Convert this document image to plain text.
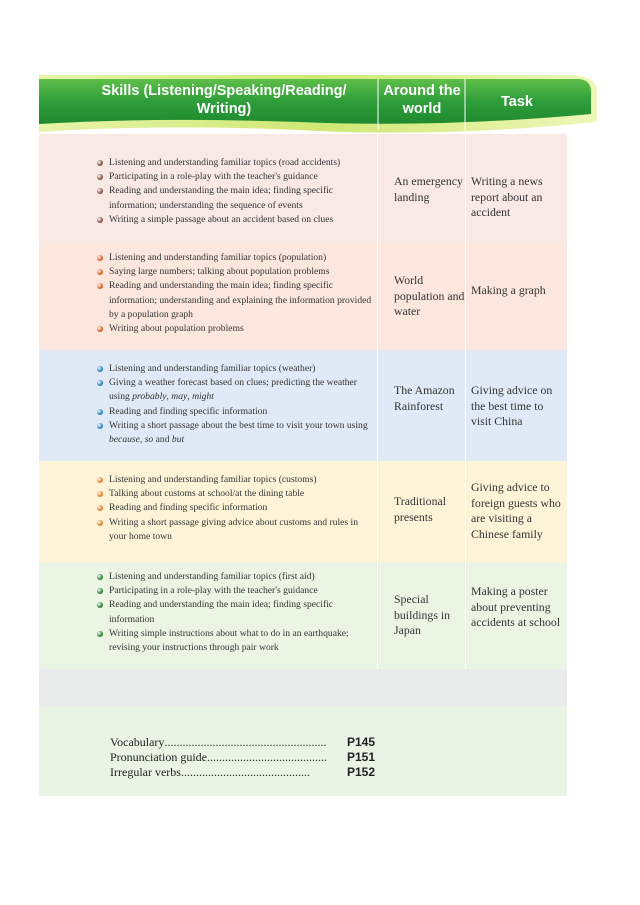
Skills (Listening/Speaking/Reading/
Writing)
Around the
world	Task
Listening and understanding familiar topics (road accidents)
Participating in a role-play with the teacher's guidance
Reading and understanding the main idea; finding specific information; understanding the sequence of events
Writing a simple passage about an accident based on clues
An emergency landing
Writing a news report about an accident
Listening and understanding familiar topics (population)
Saying large numbers; talking about population problems
Reading and understanding the main idea; finding specific information; understanding and explaining the information provided by a population graph
Writing about population problems
World population and water
Making a graph
Listening and understanding familiar topics (weather)
Giving a weather forecast based on clues; predicting the weather using probably, may, might
Reading and finding specific information
Writing a short passage about the best time to visit your town using because, so and but
The Amazon Rainforest
Giving advice on the best time to visit China
Listening and understanding familiar topics (customs)
Talking about customs at school/at the dining table
Reading and finding specific information
Writing a short passage giving advice about customs and rules in your home town
Traditional presents
Giving advice to foreign guests who are visiting a Chinese family
Listening and understanding familiar topics (first aid)
Participating in a role-play with the teacher's guidance
Reading and understanding the main idea; finding specific information
Writing simple instructions about what to do in an earthquake; revising your instructions through pair work
Special buildings in Japan
Making a poster about preventing accidents at school
Vocabulary...................................................... P145
Pronunciation guide........................................ P151
Irregular verbs...........................................	P152
